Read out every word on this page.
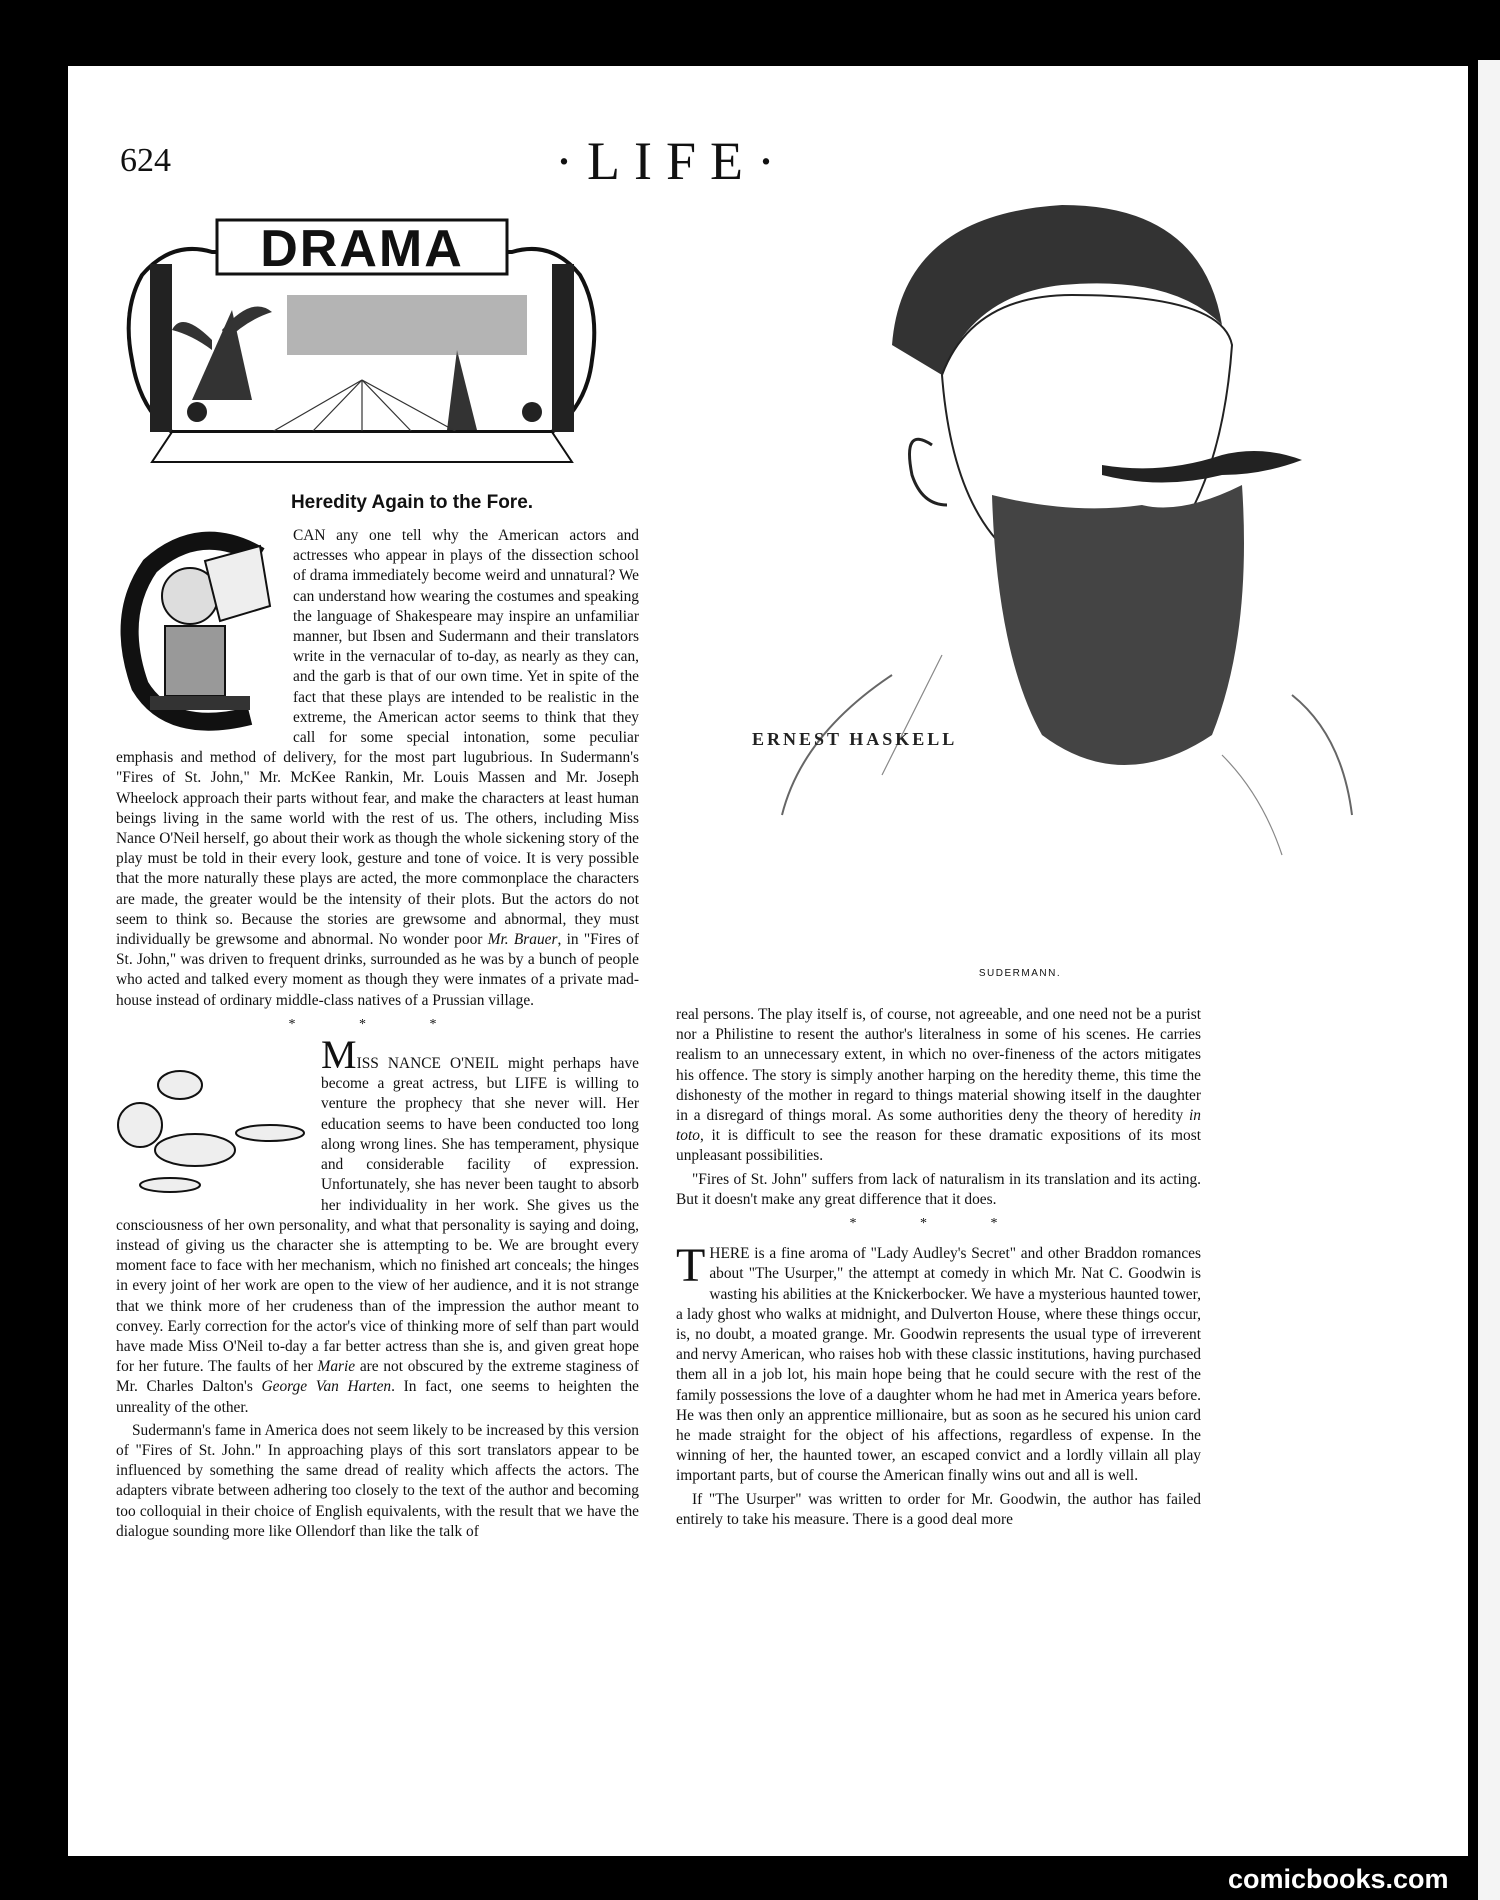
624	·LIFE·
DRAMA
Heredity Again to the Fore.

CAN any one tell why the American actors and actresses who appear in plays of the dissection school of drama immediately become weird and unnatural? We can understand how wearing the costumes and speaking the language of Shakespeare may inspire an unfamiliar manner, but Ibsen and Sudermann and their translators write in the vernacular of to-day, as nearly as they can, and the garb is that of our own time. Yet in spite of the fact that these plays are intended to be realistic in the extreme, the American actor seems to think that they call for some special intonation, some peculiar emphasis and method of delivery, for the most part lugubrious. In Sudermann's "Fires of St. John," Mr. McKee Rankin, Mr. Louis Massen and Mr. Joseph Wheelock approach their parts without fear, and make the characters at least human beings living in the same world with the rest of us. The others, including Miss Nance O'Neil herself, go about their work as though the whole sickening story of the play must be told in their every look, gesture and tone of voice. It is very possible that the more naturally these plays are acted, the more commonplace the characters are made, the greater would be the intensity of their plots. But the actors do not seem to think so. Because the stories are grewsome and abnormal, they must individually be grewsome and abnormal. No wonder poor Mr. Brauer, in "Fires of St. John," was driven to frequent drinks, surrounded as he was by a bunch of people who acted and talked every moment as though they were inmates of a private mad-house instead of ordinary middle-class natives of a Prussian village.

* * *

MISS NANCE O'NEIL might perhaps have become a great actress, but LIFE is willing to venture the prophecy that she never will. Her education seems to have been conducted too long along wrong lines. She has temperament, physique and considerable facility of expression. Unfortunately, she has never been taught to absorb her individuality in her work. She gives us the consciousness of her own personality, and what that personality is saying and doing, instead of giving us the character she is attempting to be. We are brought every moment face to face with her mechanism, which no finished art conceals; the hinges in every joint of her work are open to the view of her audience, and it is not strange that we think more of her crudeness than of the impression the author meant to convey. Early correction for the actor's vice of thinking more of self than part would have made Miss O'Neil to-day a far better actress than she is, and given great hope for her future. The faults of her Marie are not obscured by the extreme staginess of Mr. Charles Dalton's George Van Harten. In fact, one seems to heighten the unreality of the other.

Sudermann's fame in America does not seem likely to be increased by this version of "Fires of St. John." In approaching plays of this sort translators appear to be influenced by something the same dread of reality which affects the actors. The adapters vibrate between adhering too closely to the text of the author and becoming too colloquial in their choice of English equivalents, with the result that we have the dialogue sounding more like Ollendorf than like the talk of

ERNEST HASKELL
SUDERMANN.

real persons. The play itself is, of course, not agreeable, and one need not be a purist nor a Philistine to resent the author's literalness in some of his scenes. He carries realism to an unnecessary extent, in which no over-fineness of the actors mitigates his offence. The story is simply another harping on the heredity theme, this time the dishonesty of the mother in regard to things material showing itself in the daughter in a disregard of things moral. As some authorities deny the theory of heredity in toto, it is difficult to see the reason for these dramatic expositions of its most unpleasant possibilities.

"Fires of St. John" suffers from lack of naturalism in its translation and its acting. But it doesn't make any great difference that it does.

* * *

THERE is a fine aroma of "Lady Audley's Secret" and other Braddon romances about "The Usurper," the attempt at comedy in which Mr. Nat C. Goodwin is wasting his abilities at the Knickerbocker. We have a mysterious haunted tower, a lady ghost who walks at midnight, and Dulverton House, where these things occur, is, no doubt, a moated grange. Mr. Goodwin represents the usual type of irreverent and nervy American, who raises hob with these classic institutions, having purchased them all in a job lot, his main hope being that he could secure with the rest of the family possessions the love of a daughter whom he had met in America years before. He was then only an apprentice millionaire, but as soon as he secured his union card he made straight for the object of his affections, regardless of expense. In the winning of her, the haunted tower, an escaped convict and a lordly villain all play important parts, but of course the American finally wins out and all is well.

If "The Usurper" was written to order for Mr. Goodwin, the author has failed entirely to take his measure. There is a good deal more

comicbooks.com
